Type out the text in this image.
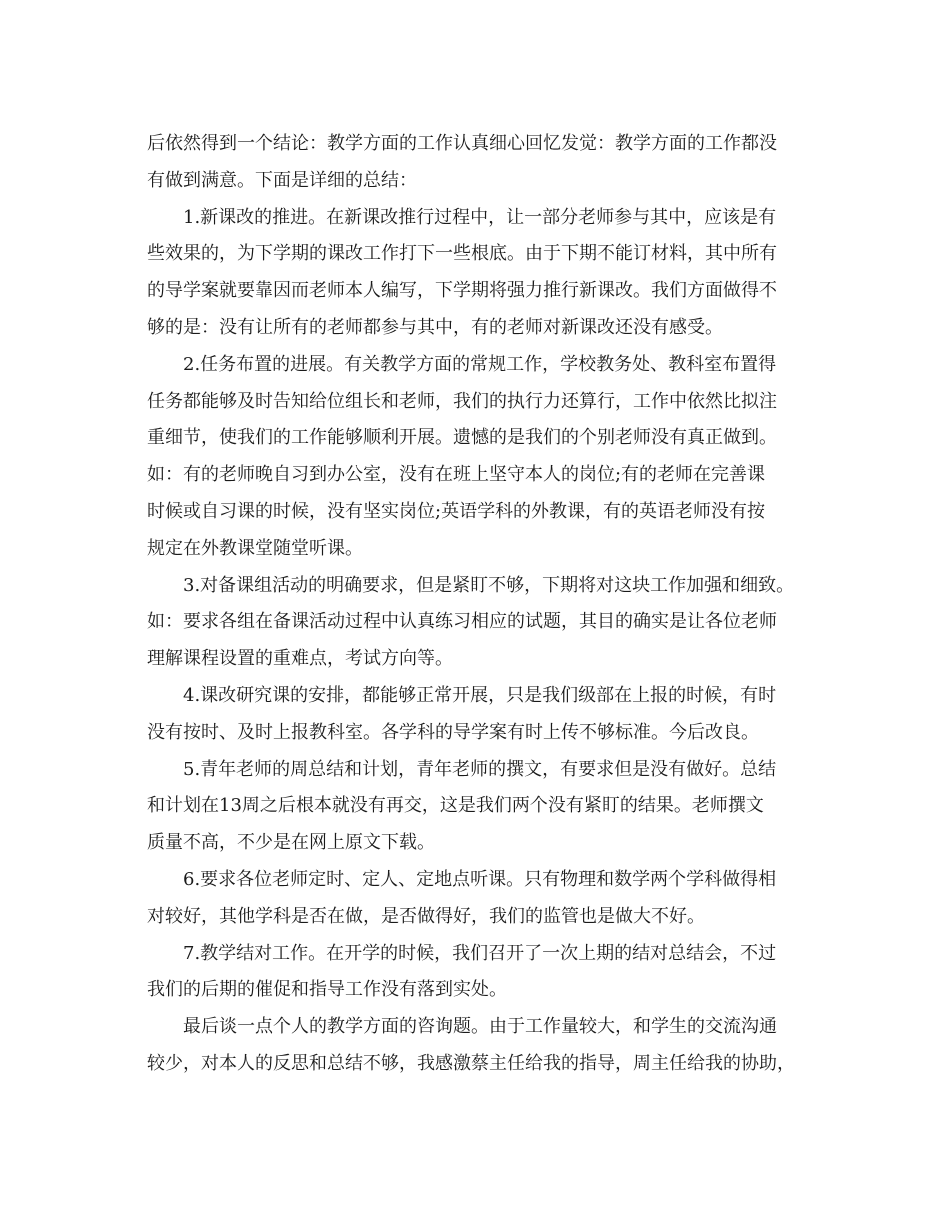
后依然得到一个结论：教学方面的工作认真细心回忆发觉：教学方面的工作都没
有做到满意。下面是详细的总结：
1.新课改的推进。在新课改推行过程中，让一部分老师参与其中，应该是有
些效果的，为下学期的课改工作打下一些根底。由于下期不能订材料，其中所有
的导学案就要靠因而老师本人编写，下学期将强力推行新课改。我们方面做得不
够的是：没有让所有的老师都参与其中，有的老师对新课改还没有感受。
2.任务布置的进展。有关教学方面的常规工作，学校教务处、教科室布置得
任务都能够及时告知给位组长和老师，我们的执行力还算行，工作中依然比拟注
重细节，使我们的工作能够顺利开展。遗憾的是我们的个别老师没有真正做到。
如：有的老师晚自习到办公室，没有在班上坚守本人的岗位;有的老师在完善课
时候或自习课的时候，没有坚实岗位;英语学科的外教课，有的英语老师没有按
规定在外教课堂随堂听课。
3.对备课组活动的明确要求，但是紧盯不够，下期将对这块工作加强和细致。
如：要求各组在备课活动过程中认真练习相应的试题，其目的确实是让各位老师
理解课程设置的重难点，考试方向等。
4.课改研究课的安排，都能够正常开展，只是我们级部在上报的时候，有时
没有按时、及时上报教科室。各学科的导学案有时上传不够标准。今后改良。
5.青年老师的周总结和计划，青年老师的撰文，有要求但是没有做好。总结
和计划在13周之后根本就没有再交，这是我们两个没有紧盯的结果。老师撰文
质量不高，不少是在网上原文下载。
6.要求各位老师定时、定人、定地点听课。只有物理和数学两个学科做得相
对较好，其他学科是否在做，是否做得好，我们的监管也是做大不好。
7.教学结对工作。在开学的时候，我们召开了一次上期的结对总结会，不过
我们的后期的催促和指导工作没有落到实处。
最后谈一点个人的教学方面的咨询题。由于工作量较大，和学生的交流沟通
较少，对本人的反思和总结不够，我感激蔡主任给我的指导，周主任给我的协助，
